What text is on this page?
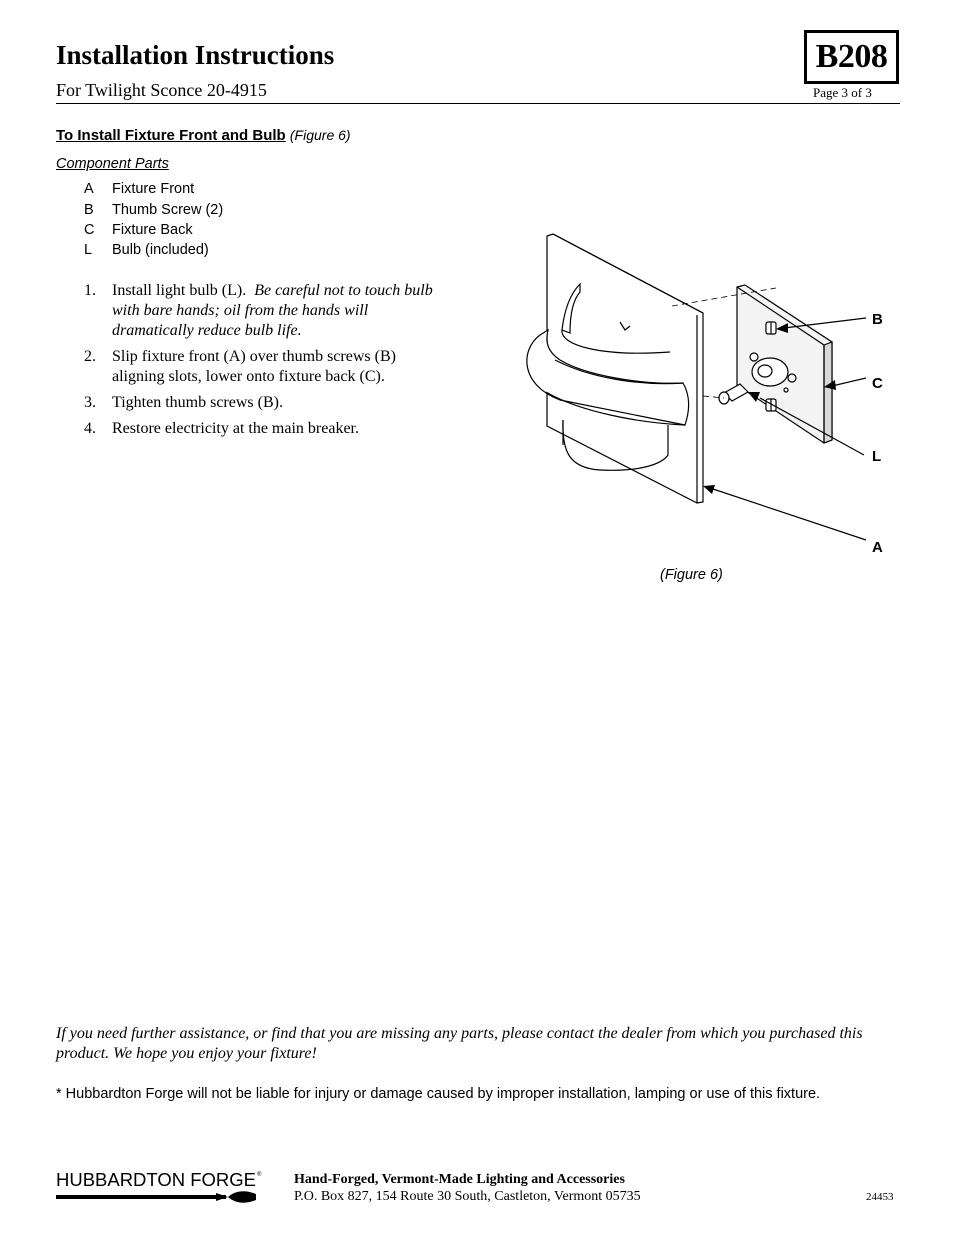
Installation Instructions
For Twilight Sconce 20-4915
B208
Page 3 of 3
To Install Fixture Front and Bulb (Figure 6)
Component Parts
A Fixture Front
B Thumb Screw (2)
C Fixture Back
L Bulb (included)
1. Install light bulb (L). Be careful not to touch bulb
with bare hands; oil from the hands will
dramatically reduce bulb life.
2. Slip fixture front (A) over thumb screws (B)
aligning slots, lower onto fixture back (C).
3. Tighten thumb screws (B).
4. Restore electricity at the main breaker.
B
C
L
A
(Figure 6)
If you need further assistance, or find that you are missing any parts, please contact the dealer from which you purchased this product. We hope you enjoy your fixture!
* Hubbardton Forge will not be liable for injury or damage caused by improper installation, lamping or use of this fixture.
HUBBARDTON FORGE ® Hand-Forged, Vermont-Made Lighting and Accessories
P.O. Box 827, 154 Route 30 South, Castleton, Vermont 05735	24453
